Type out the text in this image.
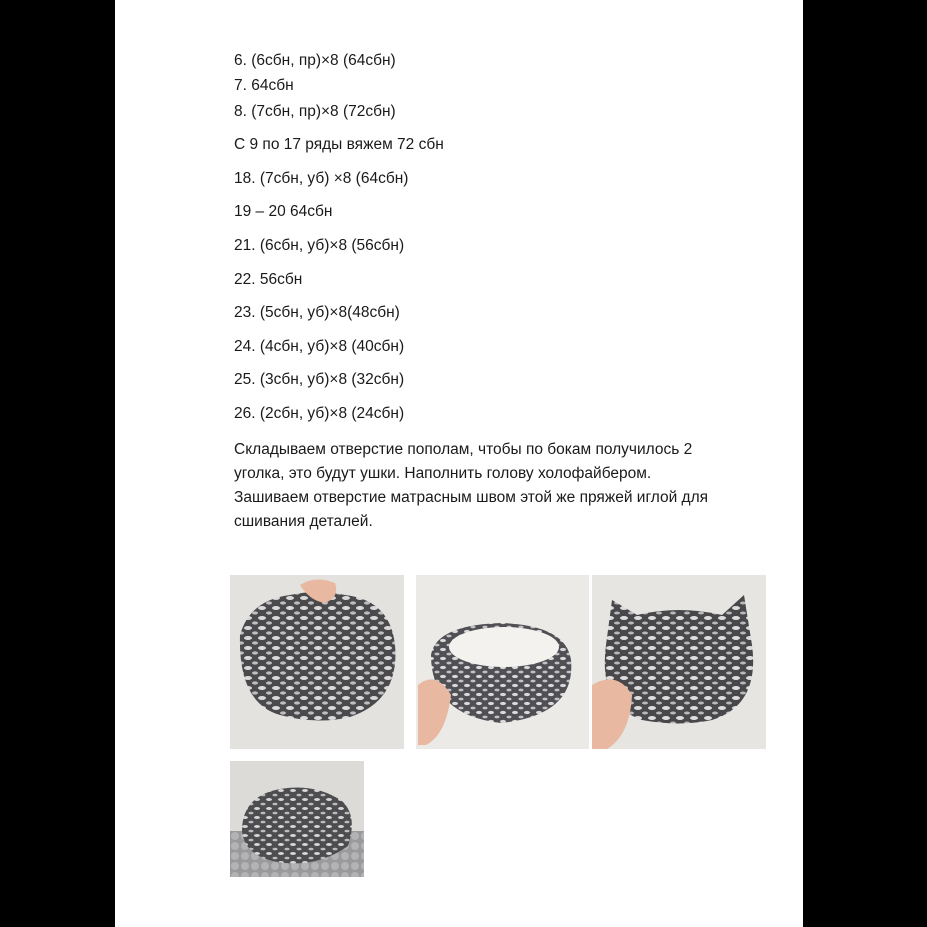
6. (6сбн, пр)×8 (64сбн)
7. 64сбн
8. (7сбн, пр)×8 (72сбн)
С 9 по 17 ряды вяжем 72 сбн
18. (7сбн, уб) ×8 (64сбн)
19 – 20 64сбн
21. (6сбн, уб)×8 (56сбн)
22. 56сбн
23. (5сбн, уб)×8(48сбн)
24. (4сбн, уб)×8 (40сбн)
25. (3сбн, уб)×8 (32сбн)
26. (2сбн, уб)×8 (24сбн)
Складываем отверстие пополам, чтобы по бокам получилось 2
уголка, это будут ушки. Наполнить голову холофайбером.
Зашиваем отверстие матрасным швом этой же пряжей иглой для
сшивания деталей.
